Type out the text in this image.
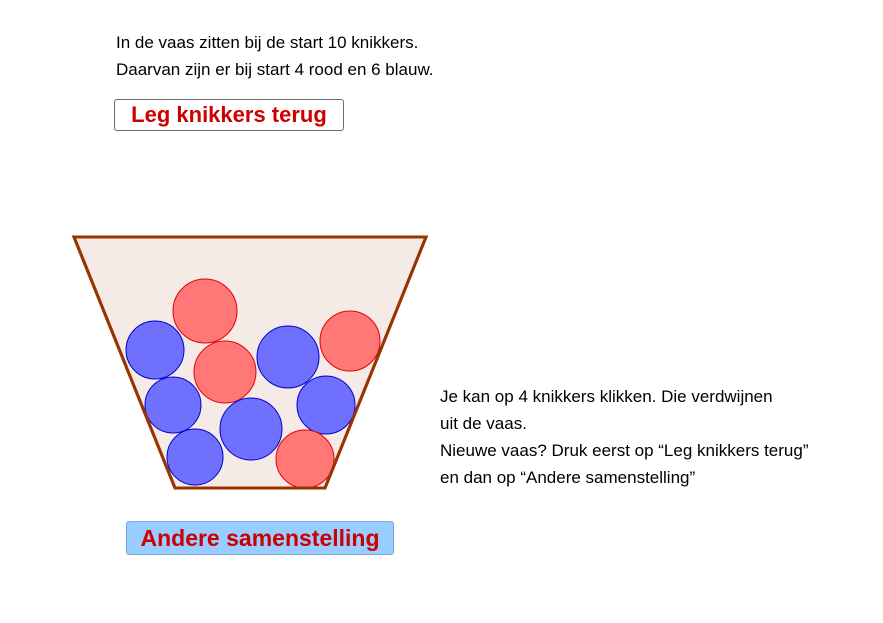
In de vaas zitten bij de start 10 knikkers.
Daarvan zijn er bij start 4 rood en 6 blauw.
Leg knikkers terug
Je kan op 4 knikkers klikken. Die verdwijnen
uit de vaas.
Nieuwe vaas? Druk eerst op “Leg knikkers terug”
en dan op “Andere samenstelling”
Andere samenstelling
